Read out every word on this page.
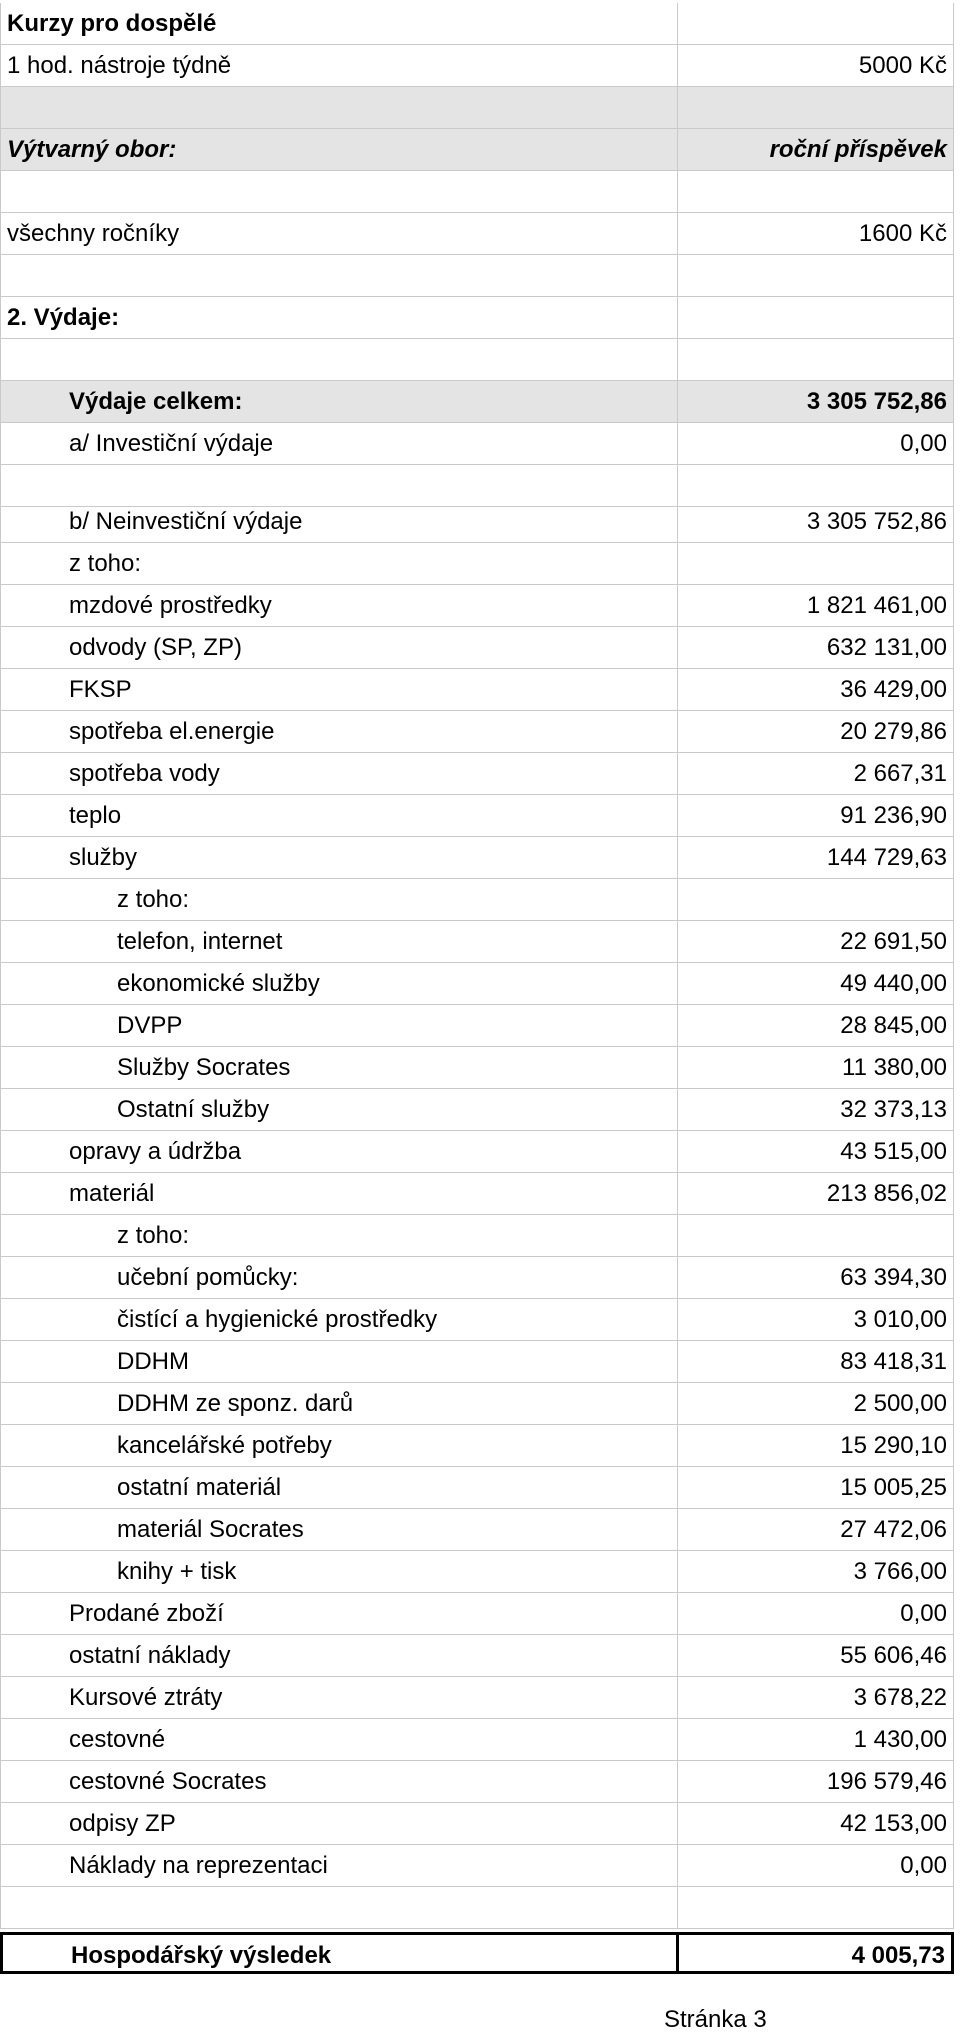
Kurzy pro dospělé
1 hod. nástroje týdně	5000 Kč
Výtvarný obor:	roční příspěvek
všechny ročníky	1600 Kč
2. Výdaje:
Výdaje celkem:	3 305 752,86
a/ Investiční výdaje	0,00
b/ Neinvestiční výdaje	3 305 752,86
z toho:
mzdové prostředky	1 821 461,00
odvody (SP, ZP)	632 131,00
FKSP	36 429,00
spotřeba el.energie	20 279,86
spotřeba vody	2 667,31
teplo	91 236,90
služby	144 729,63
z toho:
telefon, internet	22 691,50
ekonomické služby	49 440,00
DVPP	28 845,00
Služby Socrates	11 380,00
Ostatní služby	32 373,13
opravy a údržba	43 515,00
materiál	213 856,02
z toho:
učební pomůcky:	63 394,30
čistící a hygienické prostředky	3 010,00
DDHM	83 418,31
DDHM ze sponz. darů	2 500,00
kancelářské potřeby	15 290,10
ostatní materiál	15 005,25
materiál Socrates	27 472,06
knihy + tisk	3 766,00
Prodané zboží	0,00
ostatní náklady	55 606,46
Kursové ztráty	3 678,22
cestovné	1 430,00
cestovné Socrates	196 579,46
odpisy ZP	42 153,00
Náklady na reprezentaci	0,00
Hospodářský výsledek	4 005,73
Stránka 3
